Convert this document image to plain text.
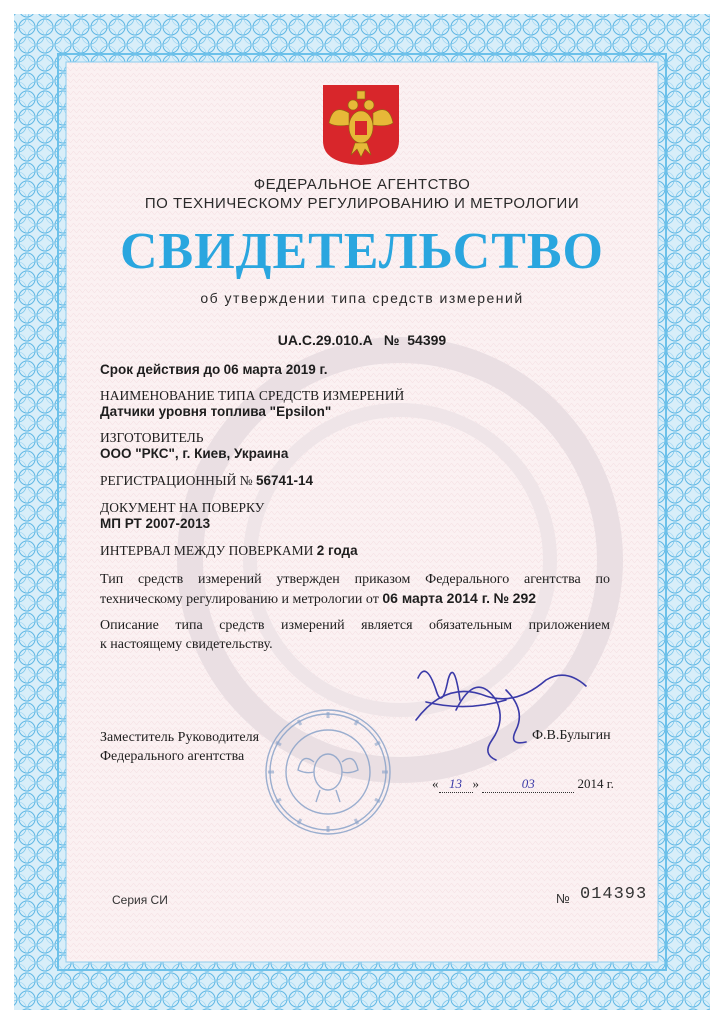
ФЕДЕРАЛЬНОЕ АГЕНТСТВО
ПО ТЕХНИЧЕСКОМУ РЕГУЛИРОВАНИЮ И МЕТРОЛОГИИ
СВИДЕТЕЛЬСТВО
об утверждении типа средств измерений
UA.C.29.010.A № 54399
Срок действия до 06 марта 2019 г.
НАИМЕНОВАНИЕ ТИПА СРЕДСТВ ИЗМЕРЕНИЙ
Датчики уровня топлива "Epsilon"
ИЗГОТОВИТЕЛЬ
ООО "РКС", г. Киев, Украина
РЕГИСТРАЦИОННЫЙ № 56741-14
ДОКУМЕНТ НА ПОВЕРКУ
МП РТ 2007-2013
ИНТЕРВАЛ МЕЖДУ ПОВЕРКАМИ 2 года
Тип средств измерений утвержден приказом Федерального агентства по
техническому регулированию и метрологии от 06 марта 2014 г. № 292
Описание типа средств измерений является обязательным приложением
к настоящему свидетельству.
Заместитель Руководителя
Федерального агентства
Ф.В.Булыгин
« 13 »	03	2014 г.
Серия СИ	№ 014393
